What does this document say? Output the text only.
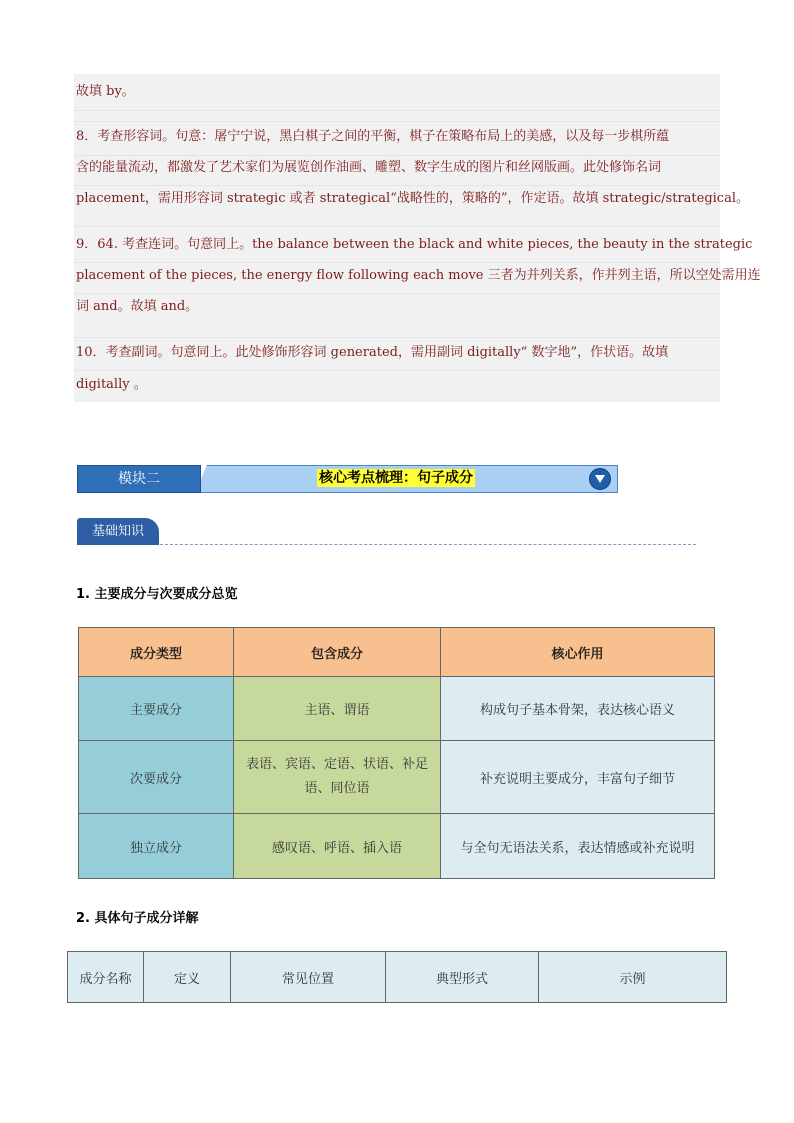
故填 by。
8．考查形容词。句意：屠宁宁说，黑白棋子之间的平衡，棋子在策略布局上的美感，以及每一步棋所蕴
含的能量流动，都激发了艺术家们为展览创作油画、雕塑、数字生成的图片和丝网版画。此处修饰名词
placement，需用形容词 strategic 或者 strategical“战略性的，策略的”，作定语。故填 strategic/strategical。
9．64. 考查连词。句意同上。the balance between the black and white pieces, the beauty in the strategic
placement of the pieces, the energy flow following each move 三者为并列关系，作并列主语，所以空处需用连
词 and。故填 and。
10．考查副词。句意同上。此处修饰形容词 generated，需用副词 digitally“ 数字地”，作状语。故填
digitally 。
模块二	核心考点梳理：句子成分
基础知识
1. 主要成分与次要成分总览
成分类型	包含成分	核心作用
主要成分	主语、谓语	构成句子基本骨架，表达核心语义
次要成分	表语、宾语、定语、状语、补足语、同位语	补充说明主要成分，丰富句子细节
独立成分	感叹语、呼语、插入语	与全句无语法关系，表达情感或补充说明
2. 具体句子成分详解
成分名称	定义	常见位置	典型形式	示例
